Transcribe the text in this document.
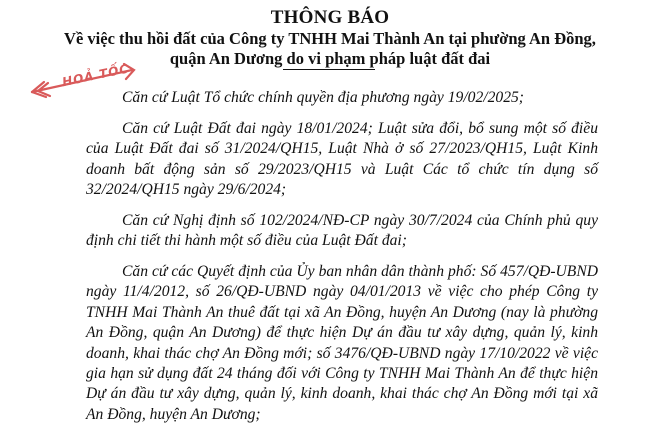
THÔNG BÁO
Về việc thu hồi đất của Công ty TNHH Mai Thành An tại phường An Đồng,
quận An Dương do vi phạm pháp luật đất đai
HOẢ TỐC
Căn cứ Luật Tổ chức chính quyền địa phương ngày 19/02/2025;
Căn cứ Luật Đất đai ngày 18/01/2024; Luật sửa đổi, bổ sung một số điều của Luật Đất đai số 31/2024/QH15, Luật Nhà ở số 27/2023/QH15, Luật Kinh doanh bất động sản số 29/2023/QH15 và Luật Các tổ chức tín dụng số 32/2024/QH15 ngày 29/6/2024;
Căn cứ Nghị định số 102/2024/NĐ-CP ngày 30/7/2024 của Chính phủ quy định chi tiết thi hành một số điều của Luật Đất đai;
Căn cứ các Quyết định của Ủy ban nhân dân thành phố: Số 457/QĐ-UBND ngày 11/4/2012, số 26/QĐ-UBND ngày 04/01/2013 về việc cho phép Công ty TNHH Mai Thành An thuê đất tại xã An Đồng, huyện An Dương (nay là phường An Đồng, quận An Dương) để thực hiện Dự án đầu tư xây dựng, quản lý, kinh doanh, khai thác chợ An Đồng mới; số 3476/QĐ-UBND ngày 17/10/2022 về việc gia hạn sử dụng đất 24 tháng đối với Công ty TNHH Mai Thành An để thực hiện Dự án đầu tư xây dựng, quản lý, kinh doanh, khai thác chợ An Đồng mới tại xã An Đồng, huyện An Dương;
